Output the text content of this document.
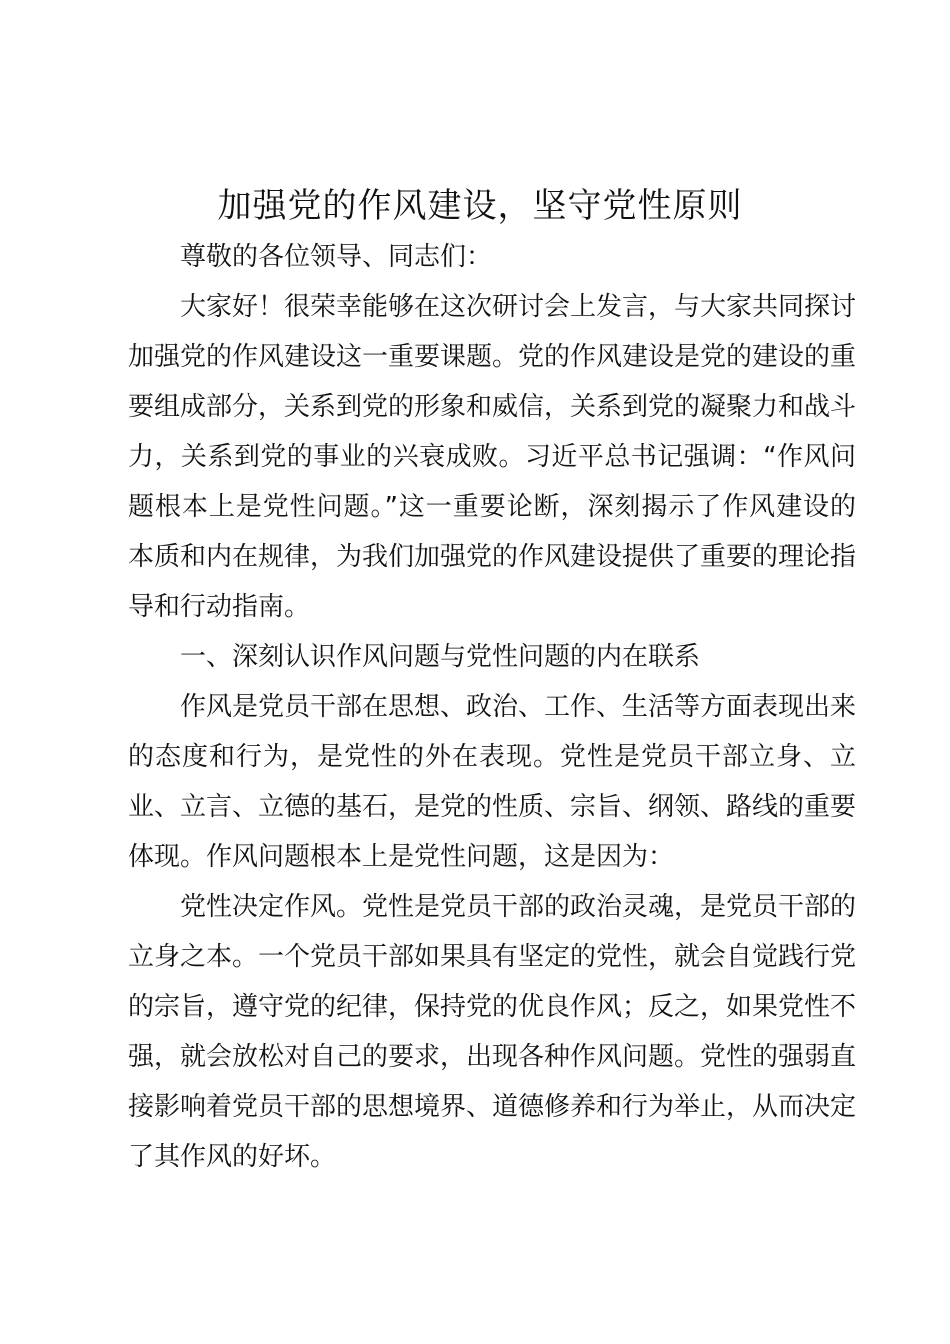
加强党的作风建设，坚守党性原则

尊敬的各位领导、同志们：

大家好！很荣幸能够在这次研讨会上发言，与大家共同探讨加强党的作风建设这一重要课题。党的作风建设是党的建设的重要组成部分，关系到党的形象和威信，关系到党的凝聚力和战斗力，关系到党的事业的兴衰成败。习近平总书记强调：“作风问题根本上是党性问题。”这一重要论断，深刻揭示了作风建设的本质和内在规律，为我们加强党的作风建设提供了重要的理论指导和行动指南。

一、深刻认识作风问题与党性问题的内在联系

作风是党员干部在思想、政治、工作、生活等方面表现出来的态度和行为，是党性的外在表现。党性是党员干部立身、立业、立言、立德的基石，是党的性质、宗旨、纲领、路线的重要体现。作风问题根本上是党性问题，这是因为：

党性决定作风。党性是党员干部的政治灵魂，是党员干部的立身之本。一个党员干部如果具有坚定的党性，就会自觉践行党的宗旨，遵守党的纪律，保持党的优良作风；反之，如果党性不强，就会放松对自己的要求，出现各种作风问题。党性的强弱直接影响着党员干部的思想境界、道德修养和行为举止，从而决定了其作风的好坏。
